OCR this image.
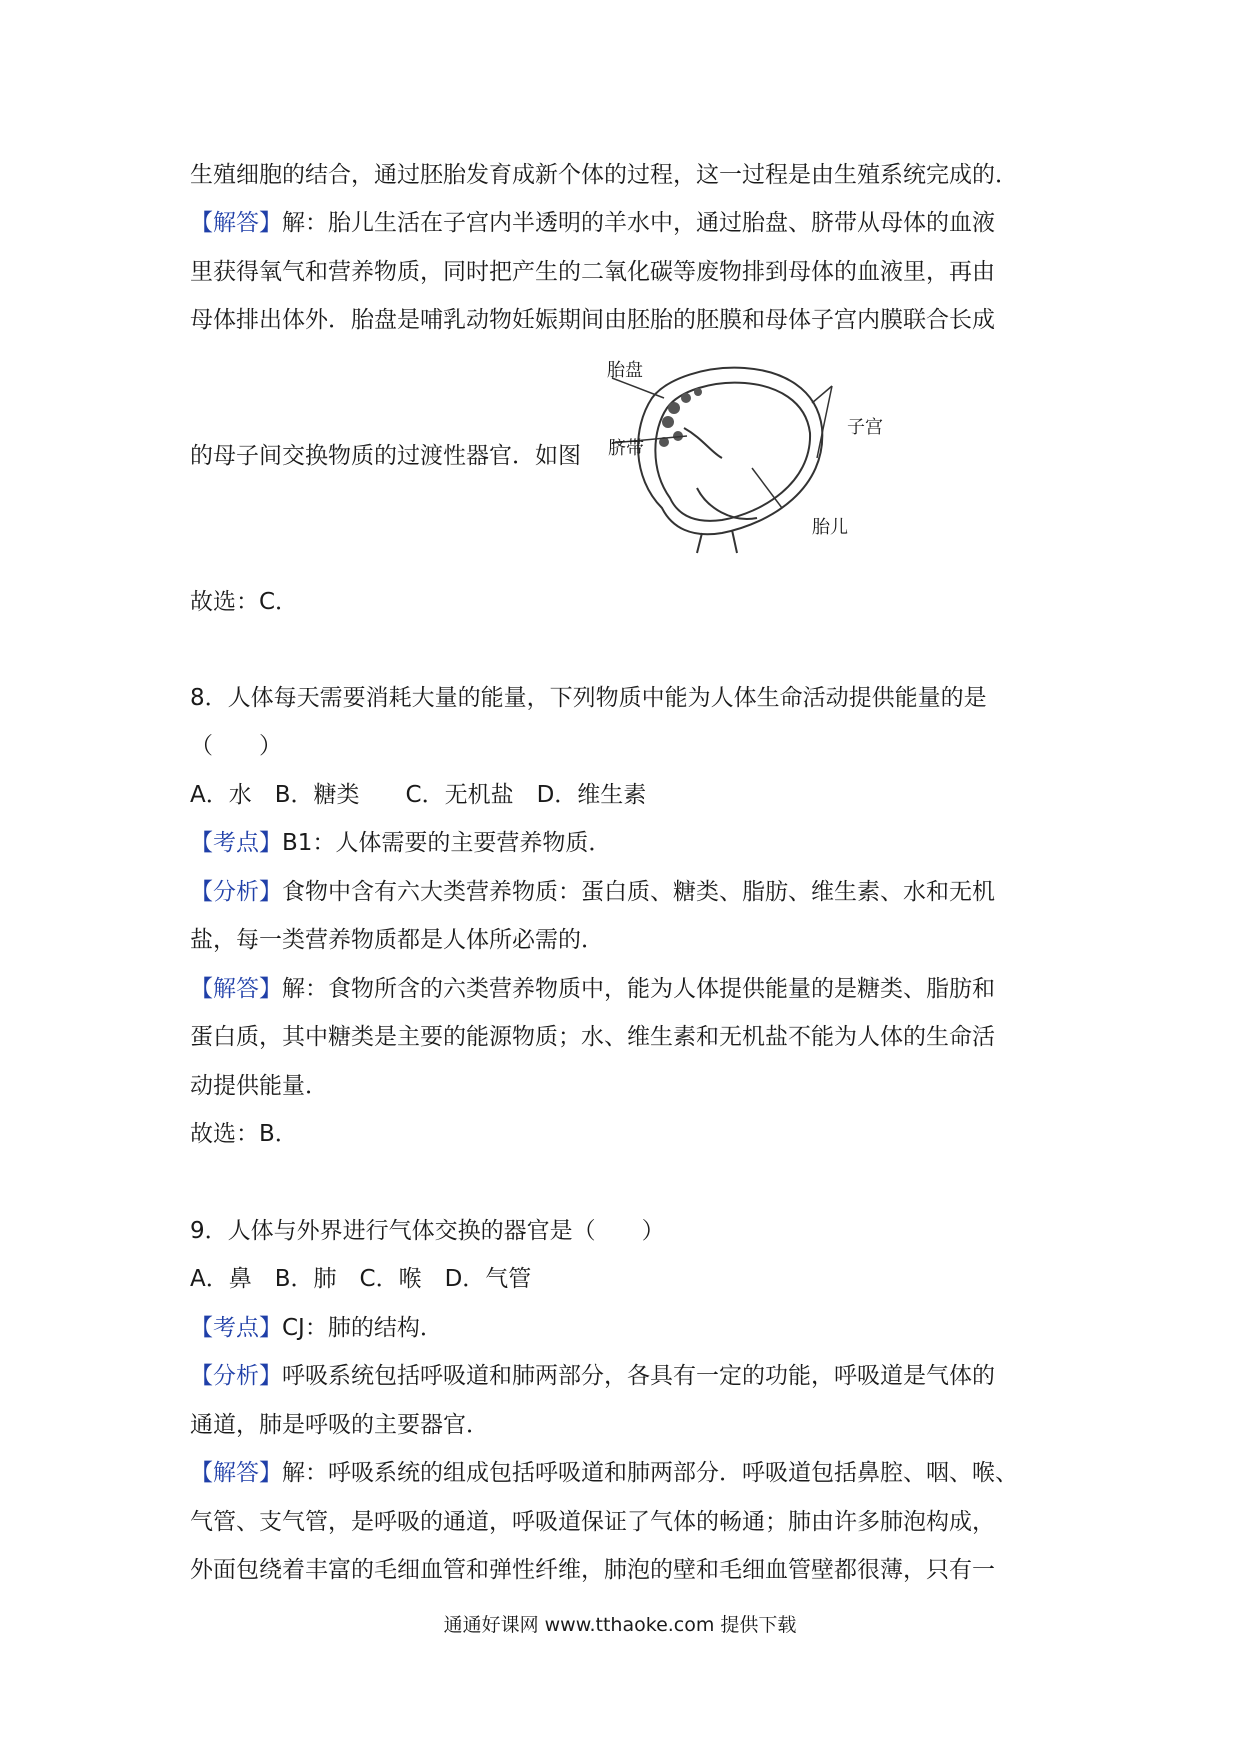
生殖细胞的结合，通过胚胎发育成新个体的过程，这一过程是由生殖系统完成的．
【解答】解：胎儿生活在子宫内半透明的羊水中，通过胎盘、脐带从母体的血液
里获得氧气和营养物质，同时把产生的二氧化碳等废物排到母体的血液里，再由
母体排出体外．胎盘是哺乳动物妊娠期间由胚胎的胚膜和母体子宫内膜联合长成
的母子间交换物质的过渡性器官．如图
胎盘
子宫
脐带
胎儿
故选：C．
8．人体每天需要消耗大量的能量，下列物质中能为人体生命活动提供能量的是
（　　）
A．水　B．糖类　　C．无机盐　D．维生素
【考点】B1：人体需要的主要营养物质．
【分析】食物中含有六大类营养物质：蛋白质、糖类、脂肪、维生素、水和无机
盐，每一类营养物质都是人体所必需的．
【解答】解：食物所含的六类营养物质中，能为人体提供能量的是糖类、脂肪和
蛋白质，其中糖类是主要的能源物质；水、维生素和无机盐不能为人体的生命活
动提供能量．
故选：B．
9．人体与外界进行气体交换的器官是（　　）
A．鼻　B．肺　C．喉　D．气管
【考点】CJ：肺的结构．
【分析】呼吸系统包括呼吸道和肺两部分，各具有一定的功能，呼吸道是气体的
通道，肺是呼吸的主要器官．
【解答】解：呼吸系统的组成包括呼吸道和肺两部分．呼吸道包括鼻腔、咽、喉、
气管、支气管，是呼吸的通道，呼吸道保证了气体的畅通；肺由许多肺泡构成，
外面包绕着丰富的毛细血管和弹性纤维，肺泡的壁和毛细血管壁都很薄，只有一
通通好课网 www.tthaoke.com 提供下载
